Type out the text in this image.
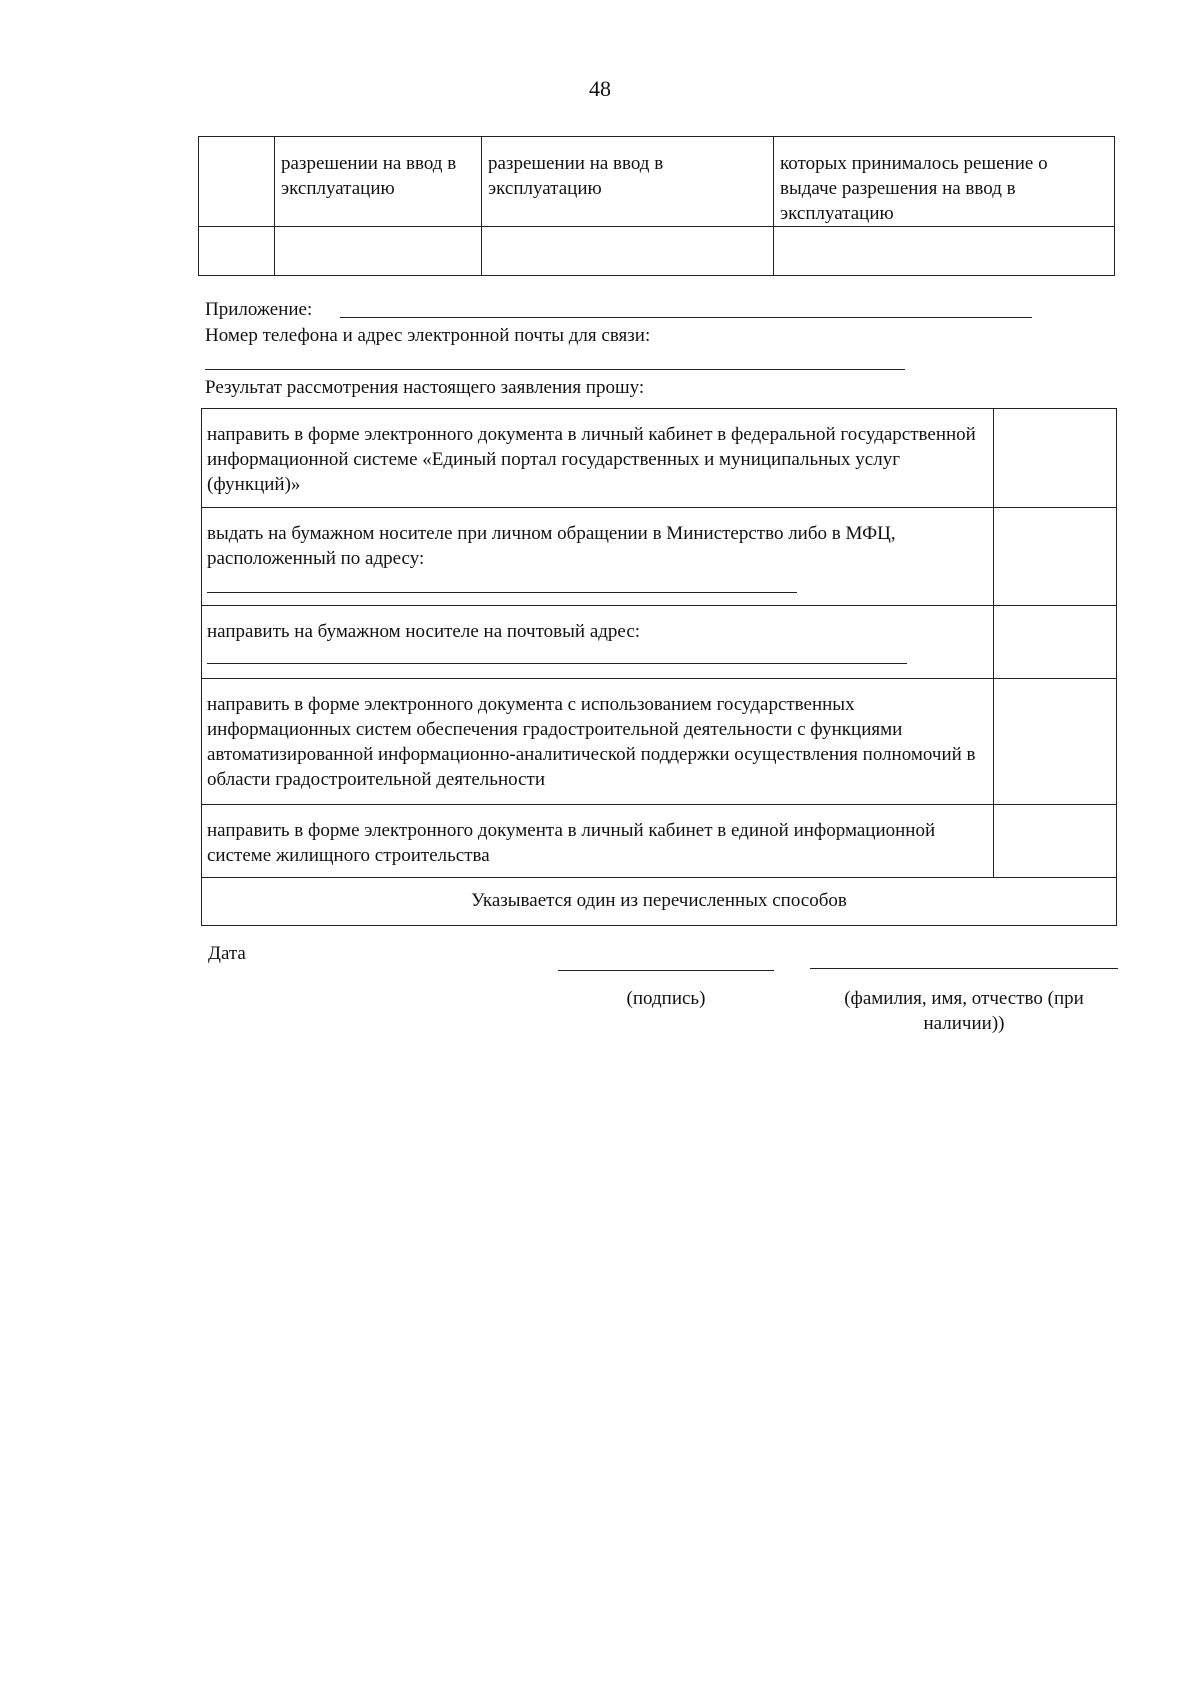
48
	разрешении на ввод в эксплуатацию	разрешении на ввод в эксплуатацию	которых принималось решение о выдаче разрешения на ввод в эксплуатацию

Приложение:
Номер телефона и адрес электронной почты для связи:
Результат рассмотрения настоящего заявления прошу:
направить в форме электронного документа в личный кабинет в федеральной государственной информационной системе «Единый портал государственных и муниципальных услуг (функций)»	

выдать на бумажном носителе при личном обращении в Министерство либо в МФЦ, расположенный по адресу:	

направить на бумажном носителе на почтовый адрес:	

направить в форме электронного документа с использованием государственных информационных систем обеспечения градостроительной деятельности с функциями автоматизированной информационно-аналитической поддержки осуществления полномочий в области градостроительной деятельности	
направить в форме электронного документа в личный кабинет в единой информационной системе жилищного строительства	
Указывается один из перечисленных способов	
Дата
(подпись)	(фамилия, имя, отчество (при наличии))
